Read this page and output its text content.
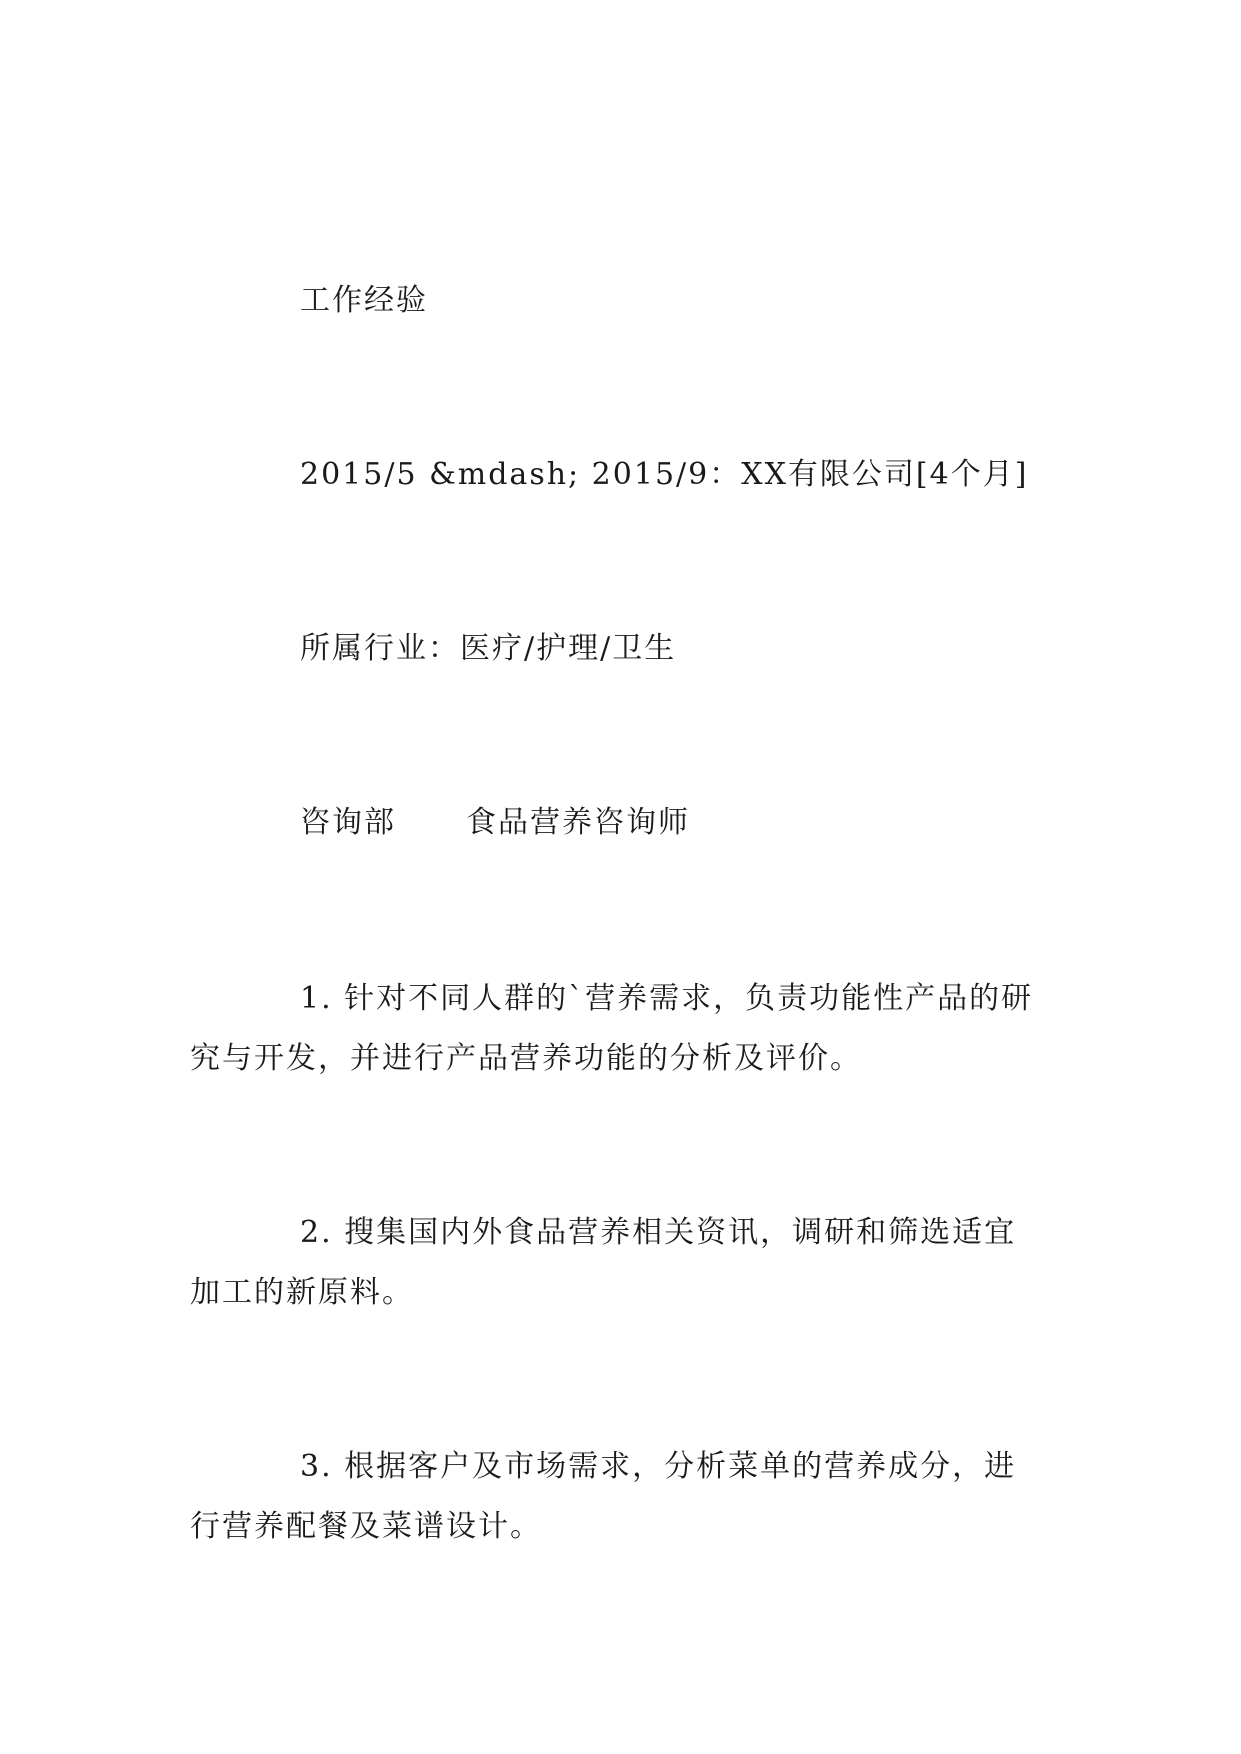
工作经验
2015/5 &mdash; 2015/9：XX有限公司[4个月]
所属行业：医疗/护理/卫生
咨询部 食品营养咨询师
1. 针对不同人群的`营养需求，负责功能性产品的研
究与开发，并进行产品营养功能的分析及评价。
2. 搜集国内外食品营养相关资讯，调研和筛选适宜
加工的新原料。
3. 根据客户及市场需求，分析菜单的营养成分，进
行营养配餐及菜谱设计。
